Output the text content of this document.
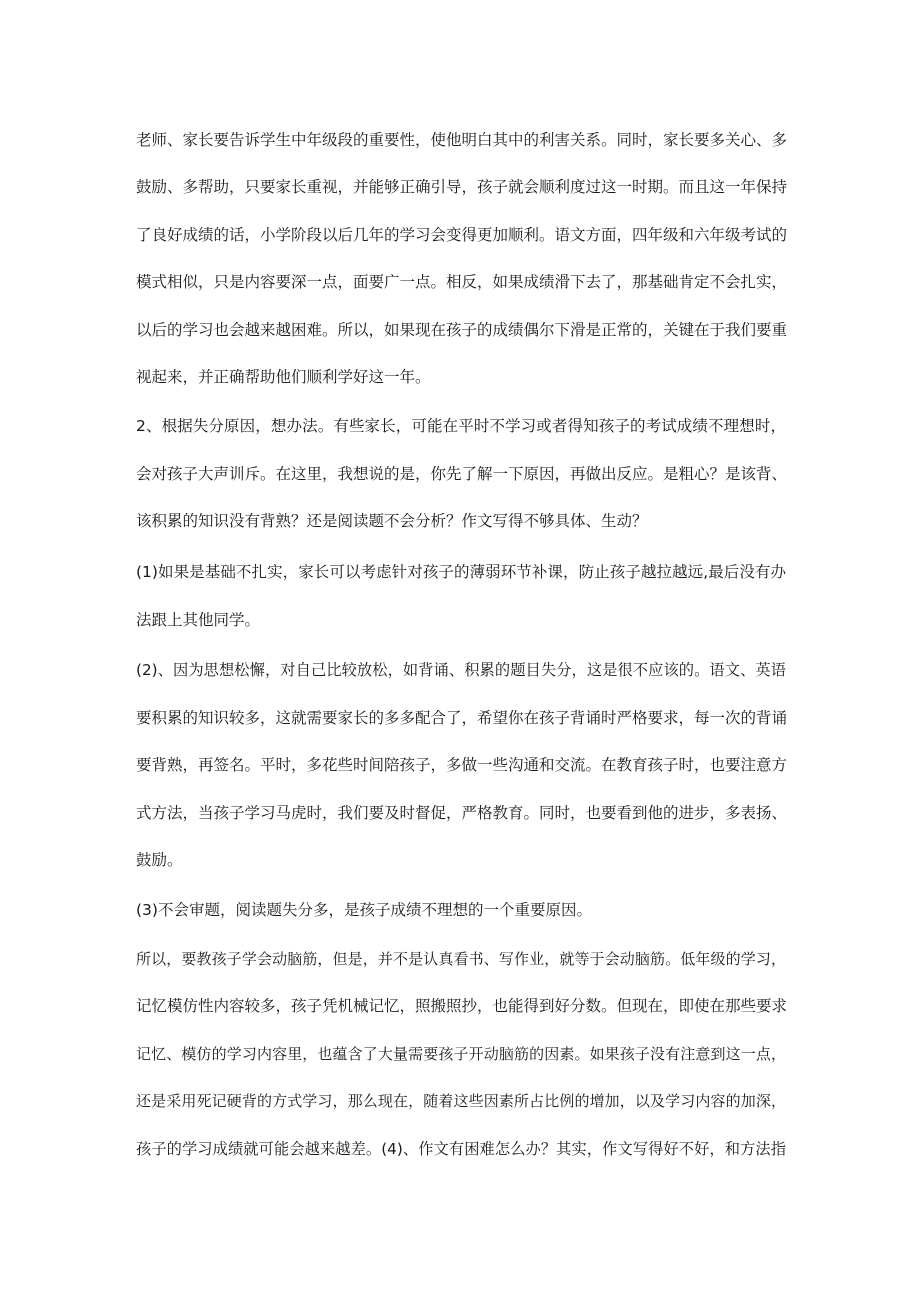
老师、家长要告诉学生中年级段的重要性，使他明白其中的利害关系。同时，家长要多关心、多
鼓励、多帮助，只要家长重视，并能够正确引导，孩子就会顺利度过这一时期。而且这一年保持
了良好成绩的话，小学阶段以后几年的学习会变得更加顺利。语文方面，四年级和六年级考试的
模式相似，只是内容要深一点，面要广一点。相反，如果成绩滑下去了，那基础肯定不会扎实，
以后的学习也会越来越困难。所以，如果现在孩子的成绩偶尔下滑是正常的，关键在于我们要重
视起来，并正确帮助他们顺利学好这一年。
2、根据失分原因，想办法。有些家长，可能在平时不学习或者得知孩子的考试成绩不理想时，
会对孩子大声训斥。在这里，我想说的是，你先了解一下原因，再做出反应。是粗心？是该背、
该积累的知识没有背熟？还是阅读题不会分析？作文写得不够具体、生动？
(1)如果是基础不扎实，家长可以考虑针对孩子的薄弱环节补课，防止孩子越拉越远,最后没有办
法跟上其他同学。
(2)、因为思想松懈，对自己比较放松，如背诵、积累的题目失分，这是很不应该的。语文、英语
要积累的知识较多，这就需要家长的多多配合了，希望你在孩子背诵时严格要求，每一次的背诵
要背熟，再签名。平时，多花些时间陪孩子，多做一些沟通和交流。在教育孩子时，也要注意方
式方法，当孩子学习马虎时，我们要及时督促，严格教育。同时，也要看到他的进步，多表扬、
鼓励。
(3)不会审题，阅读题失分多，是孩子成绩不理想的一个重要原因。
所以，要教孩子学会动脑筋，但是，并不是认真看书、写作业，就等于会动脑筋。低年级的学习，
记忆模仿性内容较多，孩子凭机械记忆，照搬照抄，也能得到好分数。但现在，即使在那些要求
记忆、模仿的学习内容里，也蕴含了大量需要孩子开动脑筋的因素。如果孩子没有注意到这一点，
还是采用死记硬背的方式学习，那么现在，随着这些因素所占比例的增加，以及学习内容的加深，
孩子的学习成绩就可能会越来越差。(4)、作文有困难怎么办？其实，作文写得好不好，和方法指
